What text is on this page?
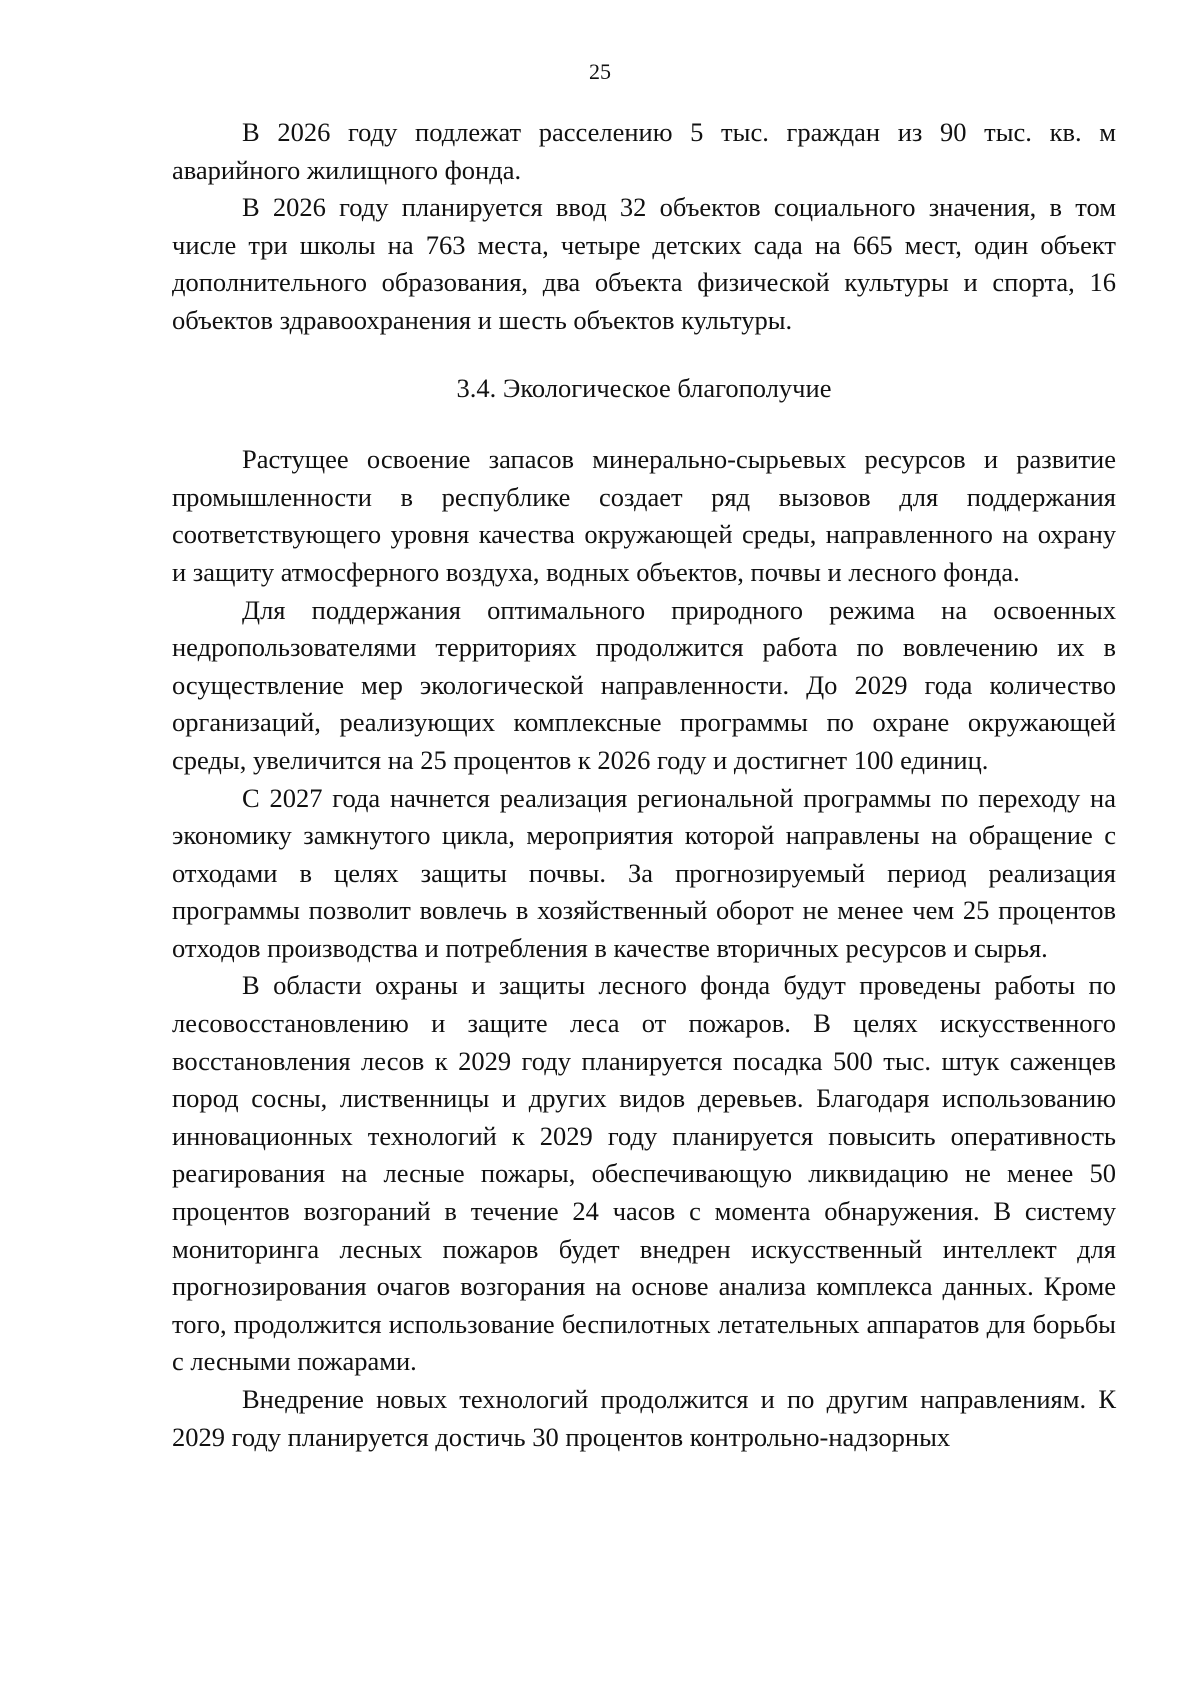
25

В 2026 году подлежат расселению 5 тыс. граждан из 90 тыс. кв. м аварийного жилищного фонда.

В 2026 году планируется ввод 32 объектов социального значения, в том числе три школы на 763 места, четыре детских сада на 665 мест, один объект дополнительного образования, два объекта физической культуры и спорта, 16 объектов здравоохранения и шесть объектов культуры.

3.4. Экологическое благополучие

Растущее освоение запасов минерально-сырьевых ресурсов и развитие промышленности в республике создает ряд вызовов для поддержания соответствующего уровня качества окружающей среды, направленного на охрану и защиту атмосферного воздуха, водных объектов, почвы и лесного фонда.

Для поддержания оптимального природного режима на освоенных недропользователями территориях продолжится работа по вовлечению их в осуществление мер экологической направленности. До 2029 года количество организаций, реализующих комплексные программы по охране окружающей среды, увеличится на 25 процентов к 2026 году и достигнет 100 единиц.

С 2027 года начнется реализация региональной программы по переходу на экономику замкнутого цикла, мероприятия которой направлены на обращение с отходами в целях защиты почвы. За прогнозируемый период реализация программы позволит вовлечь в хозяйственный оборот не менее чем 25 процентов отходов производства и потребления в качестве вторичных ресурсов и сырья.

В области охраны и защиты лесного фонда будут проведены работы по лесовосстановлению и защите леса от пожаров. В целях искусственного восстановления лесов к 2029 году планируется посадка 500 тыс. штук саженцев пород сосны, лиственницы и других видов деревьев. Благодаря использованию инновационных технологий к 2029 году планируется повысить оперативность реагирования на лесные пожары, обеспечивающую ликвидацию не менее 50 процентов возгораний в течение 24 часов с момента обнаружения. В систему мониторинга лесных пожаров будет внедрен искусственный интеллект для прогнозирования очагов возгорания на основе анализа комплекса данных. Кроме того, продолжится использование беспилотных летательных аппаратов для борьбы с лесными пожарами.

Внедрение новых технологий продолжится и по другим направлениям. К 2029 году планируется достичь 30 процентов контрольно-надзорных
